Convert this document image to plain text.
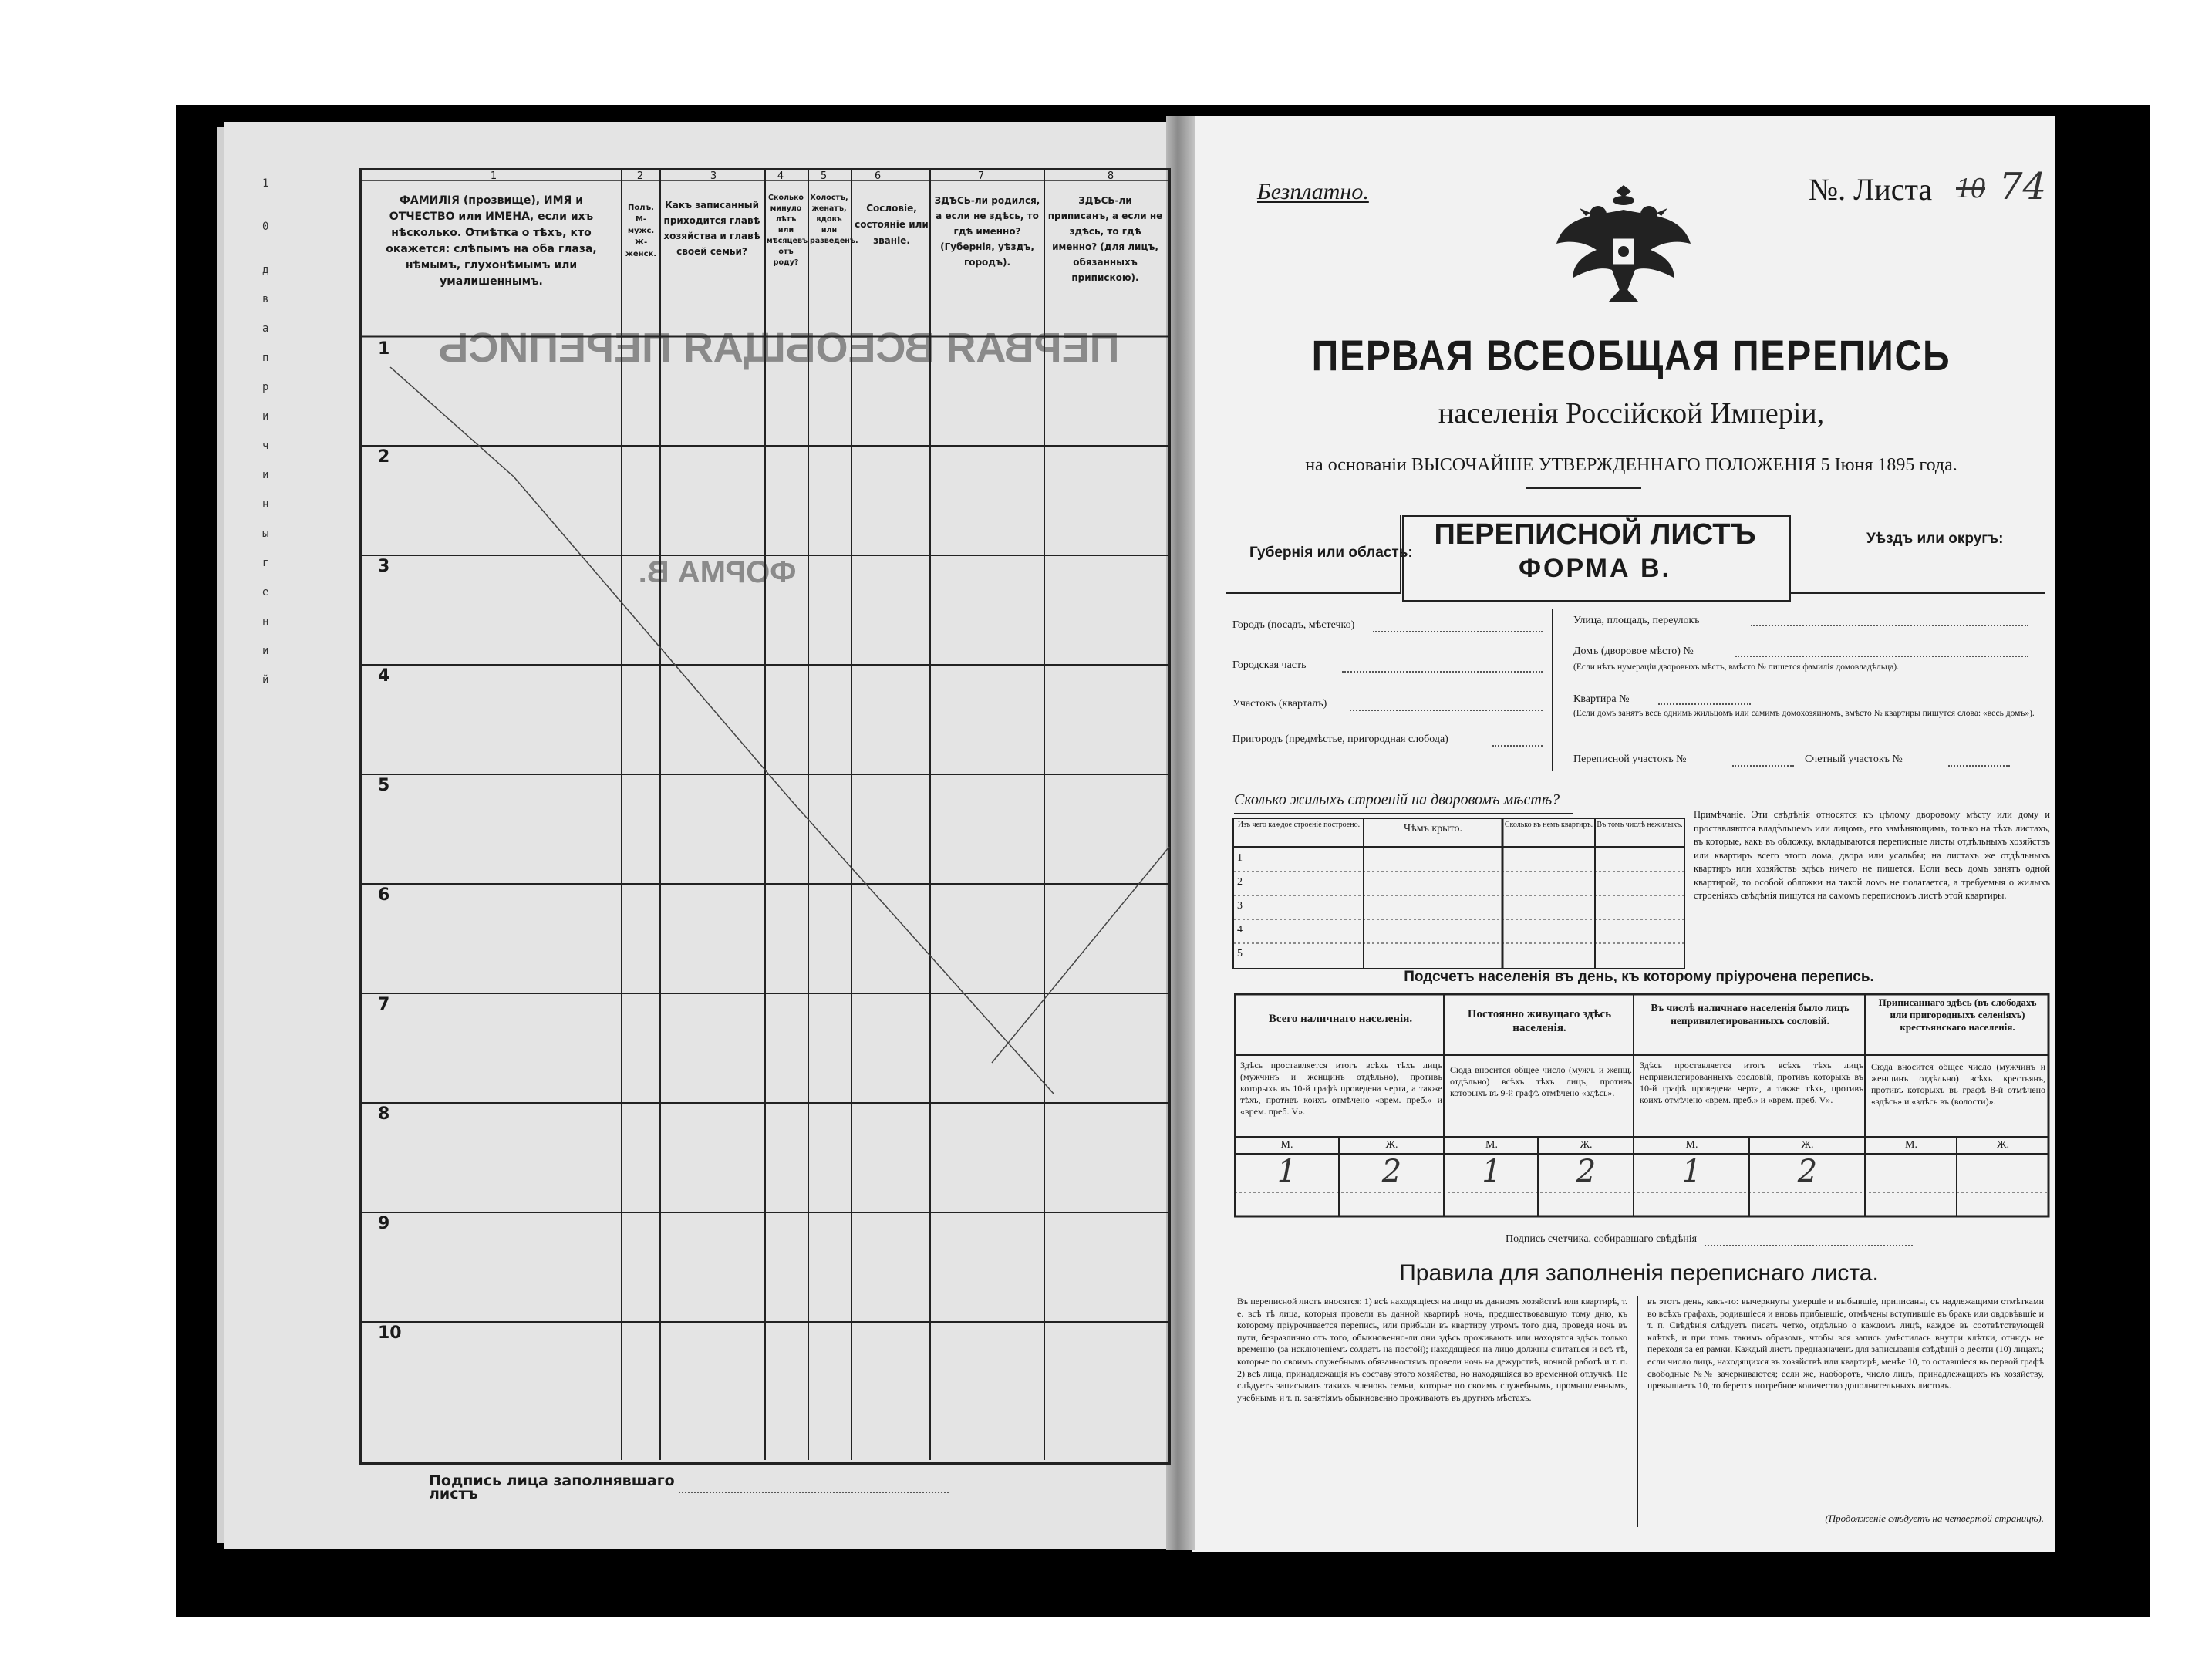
1
0
д
в
а
п
р
и
ч
и
н
ы
г
е
н
и
й
ПЕРВАЯ ВСЕОБЩАЯ ПЕРЕПИСЬ
ФОРМА В.
1	2	3	4	5	6	7	8
ФАМИЛІЯ (прозвище), ИМЯ и ОТЧЕСТВО или ИМЕНА, если ихъ нѣсколько. Отмѣтка о тѣхъ, кто окажется: слѣпымъ на оба глаза, нѣмымъ, глухонѣмымъ или умалишеннымъ.
Полъ. М-мужс. Ж-женск.
Какъ записанный приходится главѣ хозяйства и главѣ своей семьи?
Сколько минуло лѣтъ или мѣсяцевъ отъ роду?
Холостъ, женатъ, вдовъ или разведенъ.
Сословіе, состояніе или званіе.
ЗДѢСЬ-ли родился, а если не здѣсь, то гдѣ именно? (Губернія, уѣздъ, городъ).
ЗДѢСЬ-ли приписанъ, а если не здѣсь, то гдѣ именно? (для лицъ, обязанныхъ припискою).
1
2
3
4
5
6
7
8
9
10
Подпись лица заполнявшаго листъ
Безплатно.	№. Листа 10 74
ПЕРВАЯ ВСЕОБЩАЯ ПЕРЕПИСЬ
населенія Россійской Имперіи,
на основаніи ВЫСОЧАЙШЕ УТВЕРЖДЕННАГО ПОЛОЖЕНІЯ 5 Іюня 1895 года.
Губернія или область:
ПЕРЕПИСНОЙ ЛИСТЪ
ФОРМА В.
Уѣздъ или округъ:
Городъ (посадъ, мѣстечко)
Городская часть
Участокъ (кварталъ)
Пригородъ (предмѣстье, пригородная слобода)
Улица, площадь, переулокъ
Домъ (дворовое мѣсто) №
(Если нѣтъ нумераціи дворовыхъ мѣстъ, вмѣсто № пишется фамилія домовладѣльца).
Квартира №
(Если домъ занятъ весь однимъ жильцомъ или самимъ домохозяиномъ, вмѣсто № квартиры пишутся слова: «весь домъ»).
Переписной участокъ №	Счетный участокъ №
Сколько жилыхъ строеній на дворовомъ мѣстѣ?
Изъ чего каждое строеніе построено.	Чѣмъ крыто.	Сколько въ немъ квартиръ. Въ томъ числѣ нежилыхъ.
1
2
3
4
5
Примѣчаніе. Эти свѣдѣнія относятся къ цѣлому дворовому мѣсту или дому и проставляются владѣльцемъ или лицомъ, его замѣняющимъ, только на тѣхъ листахъ, въ которые, какъ въ обложку, вкладываются переписные листы отдѣльныхъ хозяйствъ или квартиръ всего этого дома, двора или усадьбы; на листахъ же отдѣльныхъ квартиръ или хозяйствъ здѣсь ничего не пишется. Если весь домъ занятъ одной квартирой, то особой обложки на такой домъ не полагается, а требуемыя о жилыхъ строеніяхъ свѣдѣнія пишутся на самомъ переписномъ листѣ этой квартиры.
Подсчетъ населенія въ день, къ которому пріурочена перепись.
Всего наличнаго населенія.	Постоянно живущаго здѣсь населенія.
Въ числѣ наличнаго населенія было лицъ непривилегированныхъ сословій.
Приписаннаго здѣсь (въ слободахъ или пригородныхъ селеніяхъ) крестьянскаго населенія.
Здѣсь проставляется итогъ всѣхъ тѣхъ лицъ (мужчинъ и женщинъ отдѣльно), противъ которыхъ въ 10-й графѣ проведена черта, а также тѣхъ, противъ коихъ отмѣчено «врем. преб.» и «врем. преб. V».
Сюда вносится общее число (мужч. и женщ. отдѣльно) всѣхъ тѣхъ лицъ, противъ которыхъ въ 9-й графѣ отмѣчено «здѣсь».
Здѣсь проставляется итогъ всѣхъ тѣхъ лицъ непривилегированныхъ сословій, противъ которыхъ въ 10-й графѣ проведена черта, а также тѣхъ, противъ коихъ отмѣчено «врем. преб.» и «врем. преб. V».
Сюда вносится общее число (мужчинъ и женщинъ отдѣльно) всѣхъ крестьянъ, противъ которыхъ въ графѣ 8-й отмѣчено «здѣсь» и «здѣсь въ (волости)».
М.	Ж.	М.	Ж.	М.	Ж.	М.	Ж.
1	2	1	2	1	2
Подпись счетчика, собиравшаго свѣдѣнія
Правила для заполненія переписнаго листа.
Въ переписной листъ вносятся: 1) всѣ находящіеся на лицо въ данномъ хозяйствѣ или квартирѣ, т. е. всѣ тѣ лица, которыя провели въ данной квартирѣ ночь, предшествовавшую тому дню, къ которому пріурочивается перепись, или прибыли въ квартиру утромъ того дня, проведя ночь въ пути, безразлично отъ того, обыкновенно-ли они здѣсь проживаютъ или находятся здѣсь только временно (за исключеніемъ солдатъ на постой); находящіеся на лицо должны считаться и всѣ тѣ, которые по своимъ служебнымъ обязанностямъ провели ночь на дежурствѣ, ночной работѣ и т. п. 2) всѣ лица, принадлежащія къ составу этого хозяйства, но находящіяся во временной отлучкѣ. Не слѣдуетъ записывать такихъ членовъ семьи, которые по своимъ служебнымъ, промышленнымъ, учебнымъ и т. п. занятіямъ обыкновенно проживаютъ въ другихъ мѣстахъ.
въ этотъ день, какъ-то: вычеркнуты умершіе и выбывшіе, приписаны, съ надлежащими отмѣтками во всѣхъ графахъ, родившіеся и вновь прибывшіе, отмѣчены вступившіе въ бракъ или овдовѣвшіе и т. п. Свѣдѣнія слѣдуетъ писать четко, отдѣльно о каждомъ лицѣ, каждое въ соотвѣтствующей клѣткѣ, и при томъ такимъ образомъ, чтобы вся запись умѣстилась внутри клѣтки, отнюдь не переходя за ея рамки. Каждый листъ предназначенъ для записыванія свѣдѣній о десяти (10) лицахъ; если число лицъ, находящихся въ хозяйствѣ или квартирѣ, менѣе 10, то оставшіеся въ первой графѣ свободные №№ зачеркиваются; если же, наоборотъ, число лицъ, принадлежащихъ къ хозяйству, превышаетъ 10, то берется потребное количество дополнительныхъ листовъ.
(Продолженіе слѣдуетъ на четвертой страницѣ).
